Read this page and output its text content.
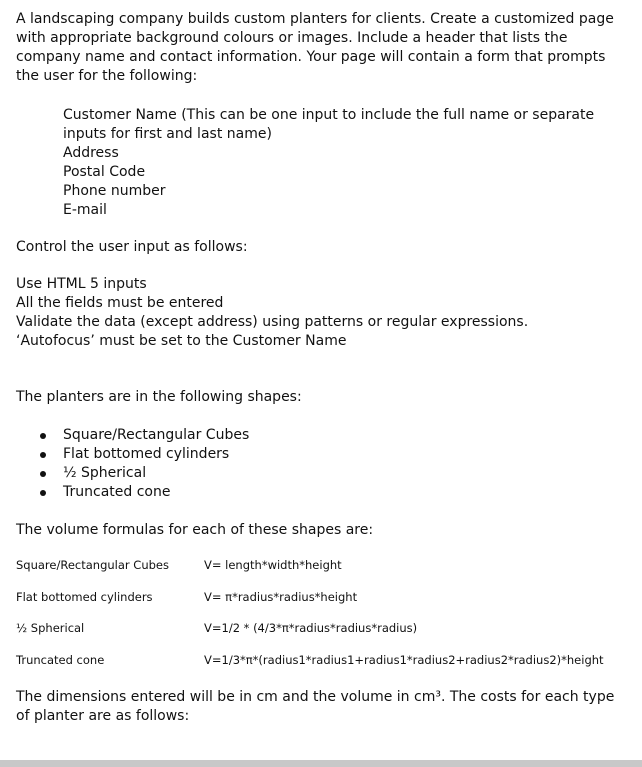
A landscaping company builds custom planters for clients. Create a customized page with appropriate background colours or images. Include a header that lists the company name and contact information. Your page will contain a form that prompts the user for the following:

Customer Name (This can be one input to include the full name or separate inputs for first and last name)
Address
Postal Code
Phone number
E-mail

Control the user input as follows:

Use HTML 5 inputs
All the fields must be entered
Validate the data (except address) using patterns or regular expressions.
‘Autofocus’ must be set to the Customer Name

The planters are in the following shapes:

Square/Rectangular Cubes
Flat bottomed cylinders
½ Spherical
Truncated cone

The volume formulas for each of these shapes are:

Square/Rectangular Cubes	V= length*width*height
Flat bottomed cylinders	V= π*radius*radius*height
½ Spherical	V=1/2 * (4/3*π*radius*radius*radius)
Truncated cone	V=1/3*π*(radius1*radius1+radius1*radius2+radius2*radius2)*height

The dimensions entered will be in cm and the volume in cm³. The costs for each type of planter are as follows:
